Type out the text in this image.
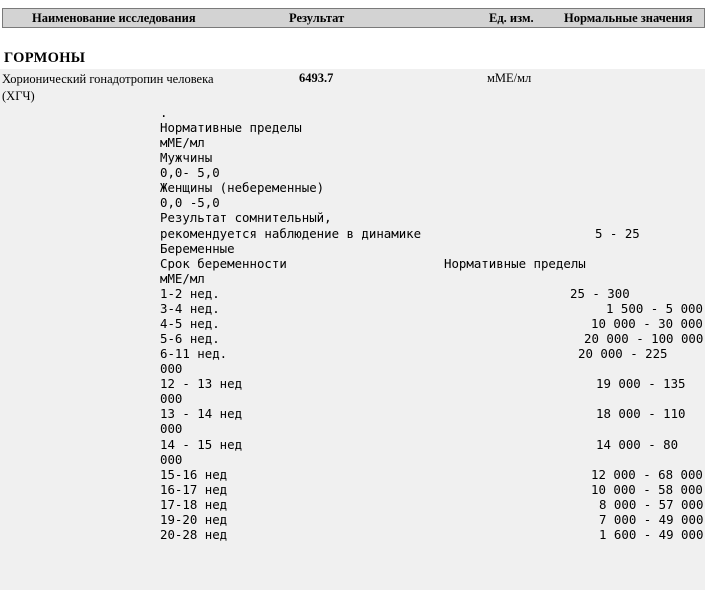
Наименование исследования	Результат	Ед. изм. Нормальные значения
ГОРМОНЫ
Хорионический гонадотропин человека
(ХГЧ)
6493.7	мМЕ/мл
.
Нормативные пределы
мМЕ/мл
Мужчины
0,0- 5,0
Женщины (небеременные)
0,0 -5,0
Результат сомнительный,
рекомендуется наблюдение в динамике	5 - 25
Беременные
Срок беременности	Нормативные пределы
мМЕ/мл
1-2 нед.	25 - 300
3-4 нед.	1 500 - 5 000
4-5 нед.	10 000 - 30 000
5-6 нед.	20 000 - 100 000
6-11 нед.	20 000 - 225
000
12 - 13 нед	19 000 - 135
000
13 - 14 нед	18 000 - 110
000
14 - 15 нед	14 000 - 80
000
15-16 нед	12 000 - 68 000
16-17 нед	10 000 - 58 000
17-18 нед	8 000 - 57 000
19-20 нед	7 000 - 49 000
20-28 нед	1 600 - 49 000
